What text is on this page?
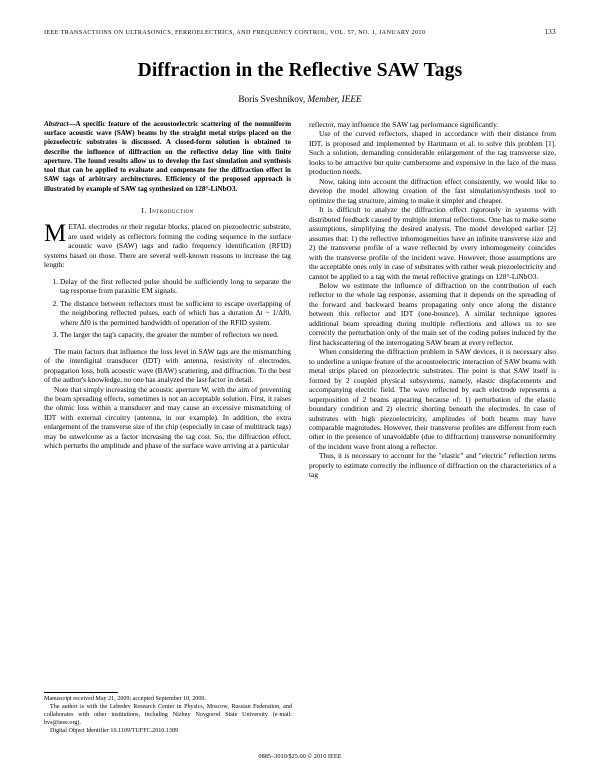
IEEE TRANSACTIONS ON ULTRASONICS, FERROELECTRICS, AND FREQUENCY CONTROL, VOL. 57, NO. 1, JANUARY 2010	133
Diffraction in the Reflective SAW Tags
Boris Sveshnikov, Member, IEEE
Abstract—A specific feature of the acoustoelectric scattering of the nonuniform surface acoustic wave (SAW) beams by the straight metal strips placed on the piezoelectric substrates is discussed. A closed-form solution is obtained to describe the influence of diffraction on the reflective delay line with finite aperture. The found results allow us to develop the fast simulation and synthesis tool that can be applied to evaluate and compensate for the diffraction effect in SAW tags of arbitrary architectures. Efficiency of the proposed approach is illustrated by example of SAW tag synthesized on 128°-LiNbO3.
I. Introduction

METAL electrodes or their regular blocks, placed on piezoelectric substrate, are used widely as reflectors forming the coding sequence in the surface acoustic wave (SAW) tags and radio frequency identification (RFID) systems based on those. There are several well-known reasons to increase the tag length:

1. Delay of the first reflected pulse should be sufficiently long to separate the tag response from parasitic EM signals.
2. The distance between reflectors must be sufficient to escape overlapping of the neighboring reflected pulses, each of which has a duration Δt ~ 1/Δf0, where Δf0 is the permitted bandwidth of operation of the RFID system.
3. The larger the tag's capacity, the greater the number of reflectors we need.

The main factors that influence the loss level in SAW tags are the mismatching of the interdigital transducer (IDT) with antenna, resistivity of electrodes, propagation loss, bulk acoustic wave (BAW) scattering, and diffraction. To the best of the author's knowledge, no one has analyzed the last factor in detail.

Note that simply increasing the acoustic aperture W, with the aim of preventing the beam spreading effects, sometimes is not an acceptable solution. First, it raises the ohmic loss within a transducer and may cause an excessive mismatching of IDT with external circuitry (antenna, in our example). In addition, the extra enlargement of the transverse size of the chip (especially in case of multitrack tags) may be unwelcome as a factor increasing the tag cost. So, the diffraction effect, which perturbs the amplitude and phase of the surface wave arriving at a particular

reflector, may influence the SAW tag performance significantly.

Use of the curved reflectors, shaped in accordance with their distance from IDT, is proposed and implemented by Hartmann et al. to solve this problem [1]. Such a solution, demanding considerable enlargement of the tag transverse size, looks to be attractive but quite cumbersome and expensive in the face of the mass production needs.

Now, taking into account the diffraction effect consistently, we would like to develop the model allowing creation of the fast simulation/synthesis tool to optimize the tag structure, aiming to make it simpler and cheaper.

It is difficult to analyze the diffraction effect rigorously in systems with distributed feedback caused by multiple internal reflections. One has to make some assumptions, simplifying the desired analysis. The model developed earlier [2] assumes that: 1) the reflective inhomogeneities have an infinite transverse size and 2) the transverse profile of a wave reflected by every inhomogeneity coincides with the transverse profile of the incident wave. However, those assumptions are the acceptable ones only in case of substrates with rather weak piezoelectricity and cannot be applied to a tag with the metal reflective gratings on 128°-LiNbO3.

Below we estimate the influence of diffraction on the contribution of each reflector to the whole tag response, assuming that it depends on the spreading of the forward and backward beams propagating only once along the distance between this reflector and IDT (one-bounce). A similar technique ignores additional beam spreading during multiple reflections and allows us to see correctly the perturbation only of the main set of the coding pulses induced by the first backscattering of the interrogating SAW beam at every reflector.

When considering the diffraction problem in SAW devices, it is necessary also to underline a unique feature of the acoustoelectric interaction of SAW beams with metal strips placed on piezoelectric substrates. The point is that SAW itself is formed by 2 coupled physical subsystems, namely, elastic displacements and accompanying electric field. The wave reflected by each electrode represents a superposition of 2 beams appearing because of: 1) perturbation of the elastic boundary condition and 2) electric shorting beneath the electrodes. In case of substrates with high piezoelectricity, amplitudes of both beams may have comparable magnitudes. However, their transverse profiles are different from each other in the presence of unavoidable (due to diffraction) transverse nonuniformity of the incident wave front along a reflector.

Thus, it is necessary to account for the "elastic" and "electric" reflection terms properly to estimate correctly the influence of diffraction on the characteristics of a tag

Manuscript received May 21, 2009; accepted September 10, 2009.

The author is with the Lebedev Research Center in Physics, Moscow, Russian Federation, and collaborates with other institutions, including Nizhny Novgorod State University (e-mail: bvs@ieee.org).

Digital Object Identifier 10.1109/TUFFC.2010.1389

0885–3010/$25.00 © 2010 IEEE
